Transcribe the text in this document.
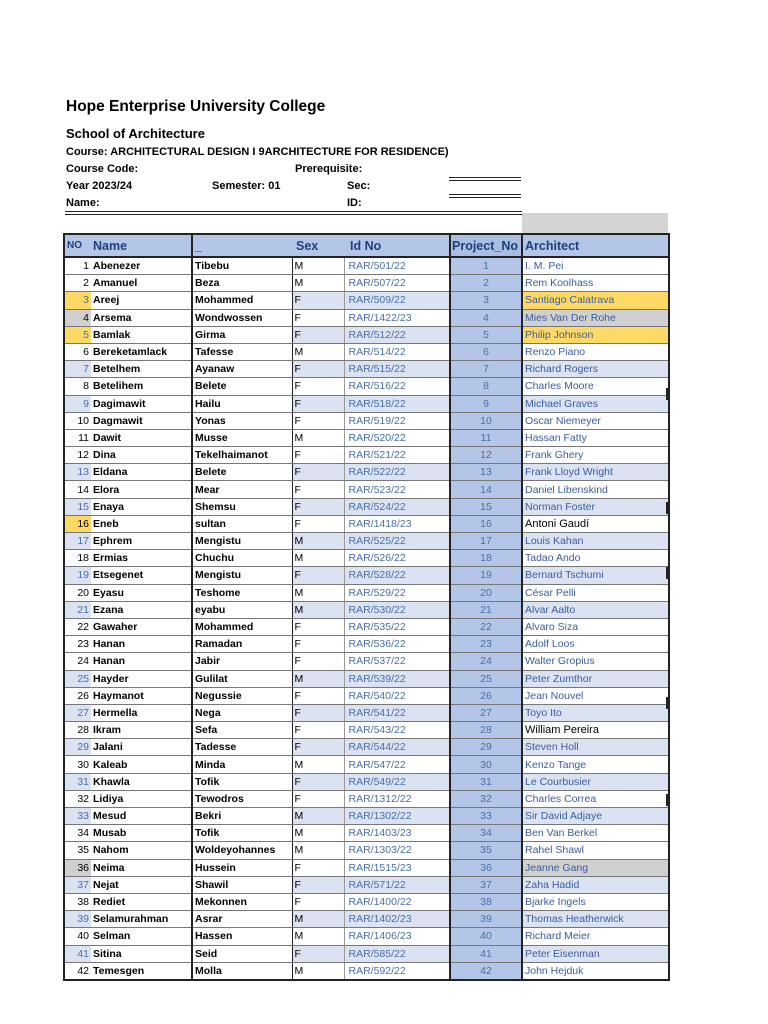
Hope Enterprise University College
School of Architecture
Course: ARCHITECTURAL DESIGN I 9ARCHITECTURE FOR RESIDENCE)
Course Code:	Prerequisite:
Year 2023/24	Semester: 01	Sec:
Name:	ID:
NO	Name	_	Sex	Id No	Project_No	Architect
1	Abenezer	Tibebu	M	RAR/501/22	1	I. M. Pei
2	Amanuel	Beza	M	RAR/507/22	2	Rem Koolhass
3	Areej	Mohammed	F	RAR/509/22	3	Santiago Calatrava
4	Arsema	Wondwossen	F	RAR/1422/23	4	Mies Van Der Rohe
5	Bamlak	Girma	F	RAR/512/22	5	Philip Johnson
6	Bereketamlack	Tafesse	M	RAR/514/22	6	Renzo Piano
7	Betelhem	Ayanaw	F	RAR/515/22	7	Richard Rogers
8	Betelihem	Belete	F	RAR/516/22	8	Charles Moore
9	Dagimawit	Hailu	F	RAR/518/22	9	Michael Graves
10	Dagmawit	Yonas	F	RAR/519/22	10	Oscar Niemeyer
11	Dawit	Musse	M	RAR/520/22	11	Hassan Fatty
12	Dina	Tekelhaimanot	F	RAR/521/22	12	Frank Ghery
13	Eldana	Belete	F	RAR/522/22	13	Frank Lloyd Wright
14	Elora	Mear	F	RAR/523/22	14	Daniel Libenskind
15	Enaya	Shemsu	F	RAR/524/22	15	Norman Foster
16	Eneb	sultan	F	RAR/1418/23	16	Antoni Gaudí
17	Ephrem	Mengistu	M	RAR/525/22	17	Louis Kahan
18	Ermias	Chuchu	M	RAR/526/22	18	Tadao Ando
19	Etsegenet	Mengistu	F	RAR/528/22	19	Bernard Tschumi
20	Eyasu	Teshome	M	RAR/529/22	20	César Pelli
21	Ezana	eyabu	M	RAR/530/22	21	Alvar Aalto
22	Gawaher	Mohammed	F	RAR/535/22	22	Alvaro Siza
23	Hanan	Ramadan	F	RAR/536/22	23	Adolf Loos
24	Hanan	Jabir	F	RAR/537/22	24	Walter Gropius
25	Hayder	Gulilat	M	RAR/539/22	25	Peter Zumthor
26	Haymanot	Negussie	F	RAR/540/22	26	Jean Nouvel
27	Hermella	Nega	F	RAR/541/22	27	Toyo Ito
28	Ikram	Sefa	F	RAR/543/22	28	William Pereira
29	Jalani	Tadesse	F	RAR/544/22	29	Steven Holl
30	Kaleab	Minda	M	RAR/547/22	30	Kenzo Tange
31	Khawla	Tofik	F	RAR/549/22	31	Le Courbusier
32	Lidiya	Tewodros	F	RAR/1312/22	32	Charles Correa
33	Mesud	Bekri	M	RAR/1302/22	33	Sir David Adjaye
34	Musab	Tofik	M	RAR/1403/23	34	Ben Van Berkel
35	Nahom	Woldeyohannes	M	RAR/1303/22	35	Rahel Shawl
36	Neima	Hussein	F	RAR/1515/23	36	Jeanne Gang
37	Nejat	Shawil	F	RAR/571/22	37	Zaha Hadid
38	Rediet	Mekonnen	F	RAR/1400/22	38	Bjarke Ingels
39	Selamurahman	Asrar	M	RAR/1402/23	39	Thomas Heatherwick
40	Selman	Hassen	M	RAR/1406/23	40	Richard Meier
41	Sitina	Seid	F	RAR/585/22	41	Peter Eisenman
42	Temesgen	Molla	M	RAR/592/22	42	John Hejduk
